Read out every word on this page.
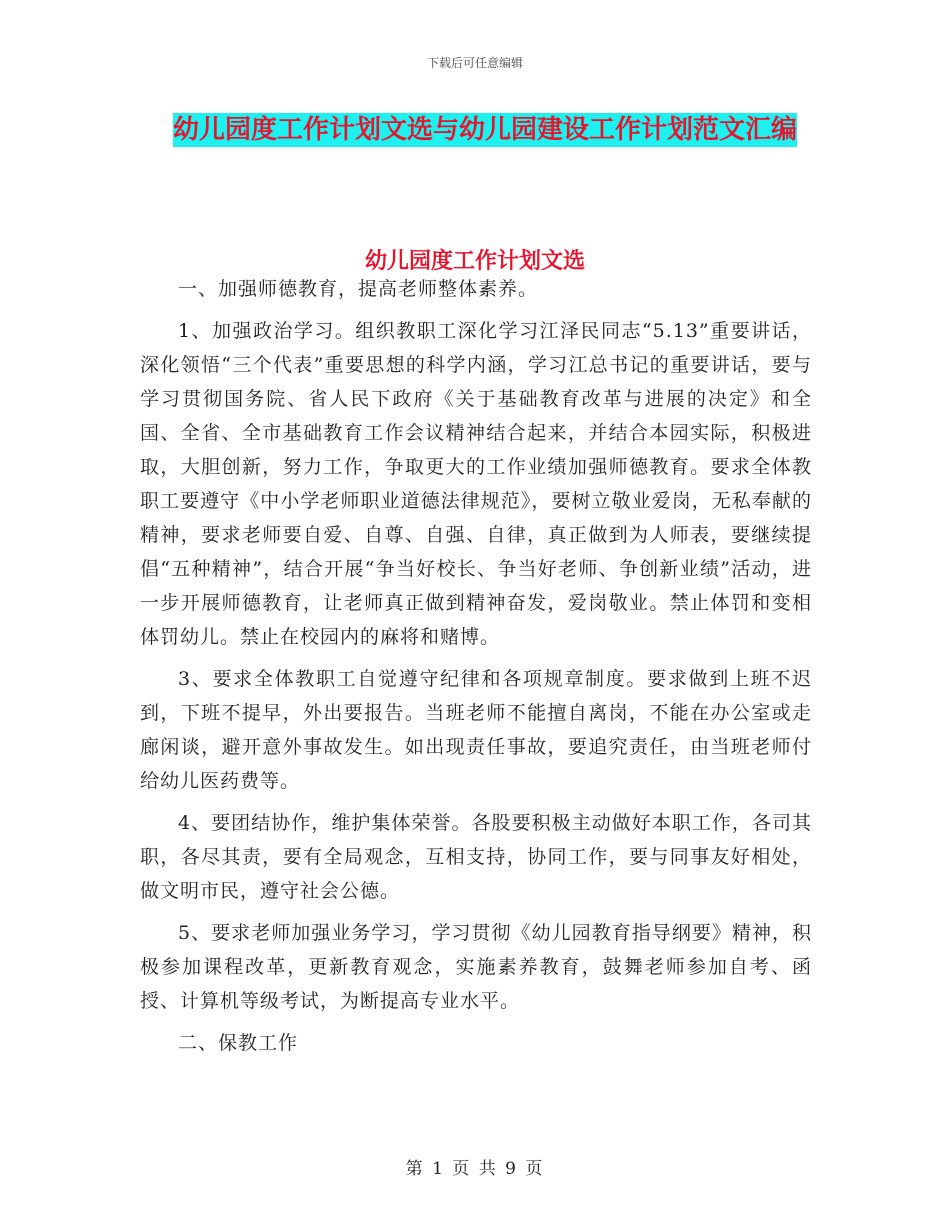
下载后可任意编辑
幼儿园度工作计划文选与幼儿园建设工作计划范文汇编
幼儿园度工作计划文选

一、加强师德教育，提高老师整体素养。

1、加强政治学习。组织教职工深化学习江泽民同志“5.13”重要讲话，深化领悟“三个代表”重要思想的科学内涵，学习江总书记的重要讲话，要与学习贯彻国务院、省人民下政府《关于基础教育改革与进展的决定》和全国、全省、全市基础教育工作会议精神结合起来，并结合本园实际，积极进取，大胆创新，努力工作，争取更大的工作业绩加强师德教育。要求全体教职工要遵守《中小学老师职业道德法律规范》，要树立敬业爱岗，无私奉献的精神，要求老师要自爱、自尊、自强、自律，真正做到为人师表，要继续提倡“五种精神”，结合开展“争当好校长、争当好老师、争创新业绩”活动，进一步开展师德教育，让老师真正做到精神奋发，爱岗敬业。禁止体罚和变相体罚幼儿。禁止在校园内的麻将和赌博。

3、要求全体教职工自觉遵守纪律和各项规章制度。要求做到上班不迟到，下班不提早，外出要报告。当班老师不能擅自离岗，不能在办公室或走廊闲谈，避开意外事故发生。如出现责任事故，要追究责任，由当班老师付给幼儿医药费等。

4、要团结协作，维护集体荣誉。各股要积极主动做好本职工作，各司其职，各尽其责，要有全局观念，互相支持，协同工作，要与同事友好相处，做文明市民，遵守社会公德。

5、要求老师加强业务学习，学习贯彻《幼儿园教育指导纲要》精神，积极参加课程改革，更新教育观念，实施素养教育，鼓舞老师参加自考、函授、计算机等级考试，为断提高专业水平。

二、保教工作

第 1 页 共 9 页
